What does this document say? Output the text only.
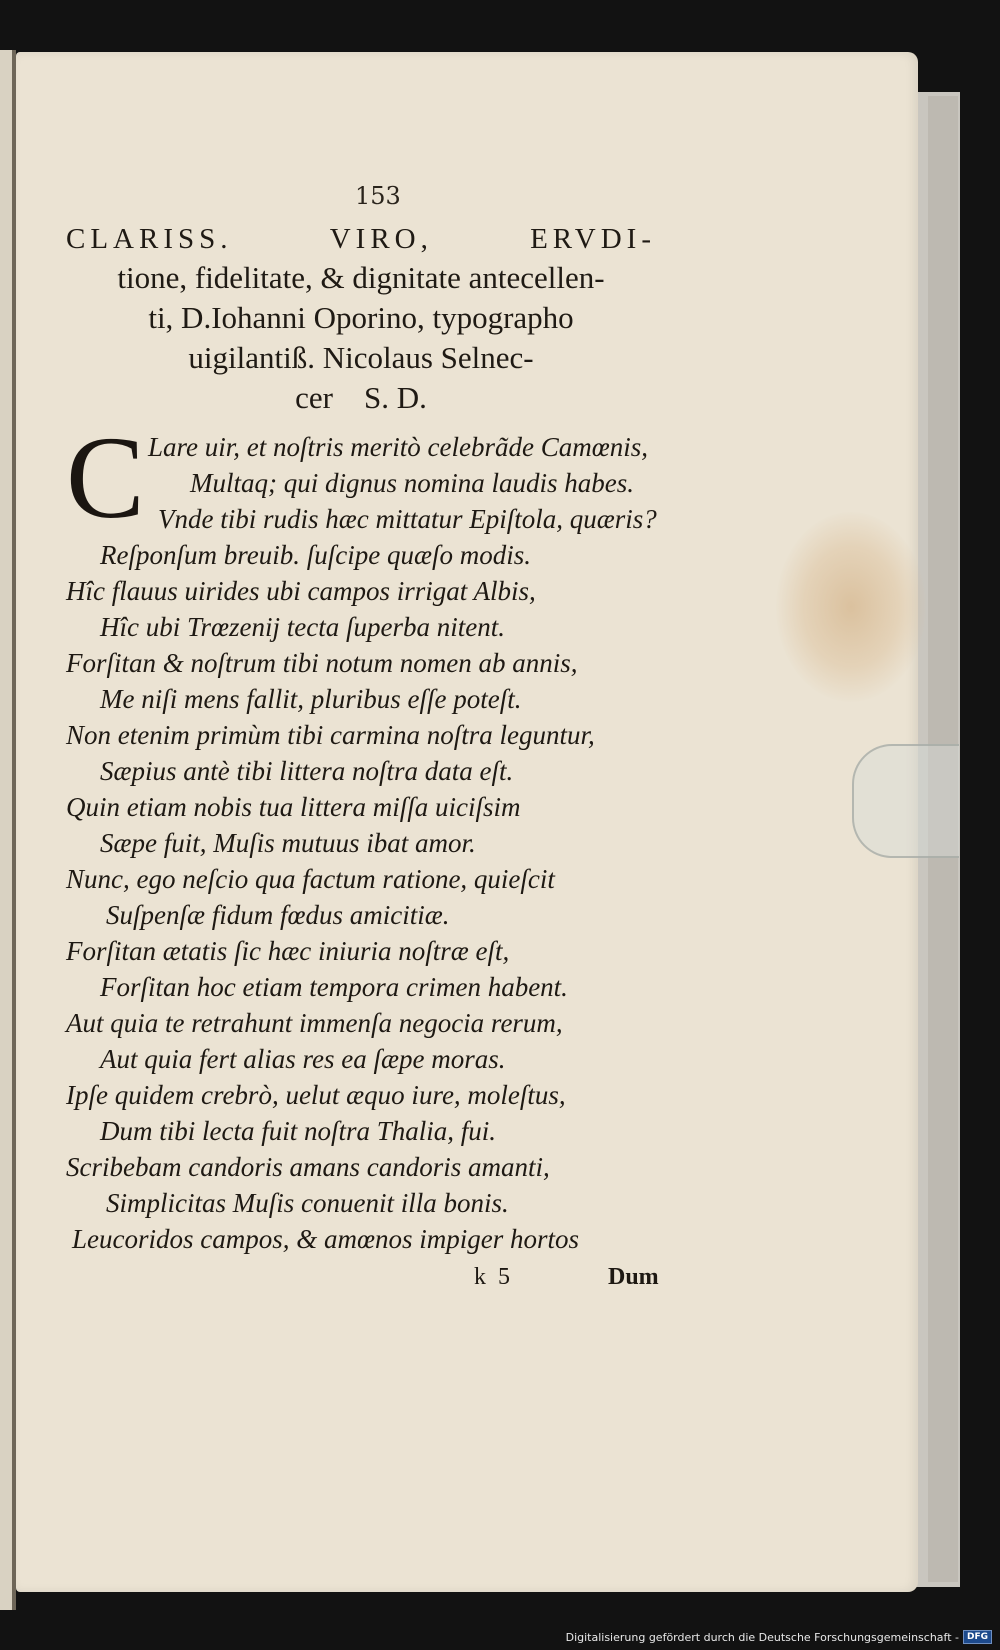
153
CLARISS.	VIRO,	ERVDI-
tione, fidelitate, & dignitate antecellen-
ti, D.Iohanni Oporino, typographo
uigilantiß. Nicolaus Selnec-
cer    S. D.
C Lare uir, et noſtris meritò celebrãde Camœnis,
Multaq; qui dignus nomina laudis habes.
Vnde tibi rudis hæc mittatur Epiſtola, quæris?
Reſponſum breuib. ſuſcipe quæſo modis.
Hîc flauus uirides ubi campos irrigat Albis,
Hîc ubi Trœzenij tecta ſuperba nitent.
Forſitan & noſtrum tibi notum nomen ab annis,
Me niſi mens fallit, pluribus eſſe poteſt.
Non etenim primùm tibi carmina noſtra leguntur,
Sæpius antè tibi littera noſtra data eſt.
Quin etiam nobis tua littera miſſa uiciſsim
Sæpe fuit, Muſis mutuus ibat amor.
Nunc, ego neſcio qua factum ratione, quieſcit
Suſpenſæ fidum fœdus amicitiæ.
Forſitan ætatis ſic hæc iniuria noſtræ eſt,
Forſitan hoc etiam tempora crimen habent.
Aut quia te retrahunt immenſa negocia rerum,
Aut quia fert alias res ea ſæpe moras.
Ipſe quidem crebrò, uelut æquo iure, moleſtus,
Dum tibi lecta fuit noſtra Thalia, fui.
Scribebam candoris amans candoris amanti,
Simplicitas Muſis conuenit illa bonis.
Leucoridos campos, & amœnos impiger hortos
k  5	Dum
Digitalisierung gefördert durch die Deutsche Forschungsgemeinschaft - DFG
